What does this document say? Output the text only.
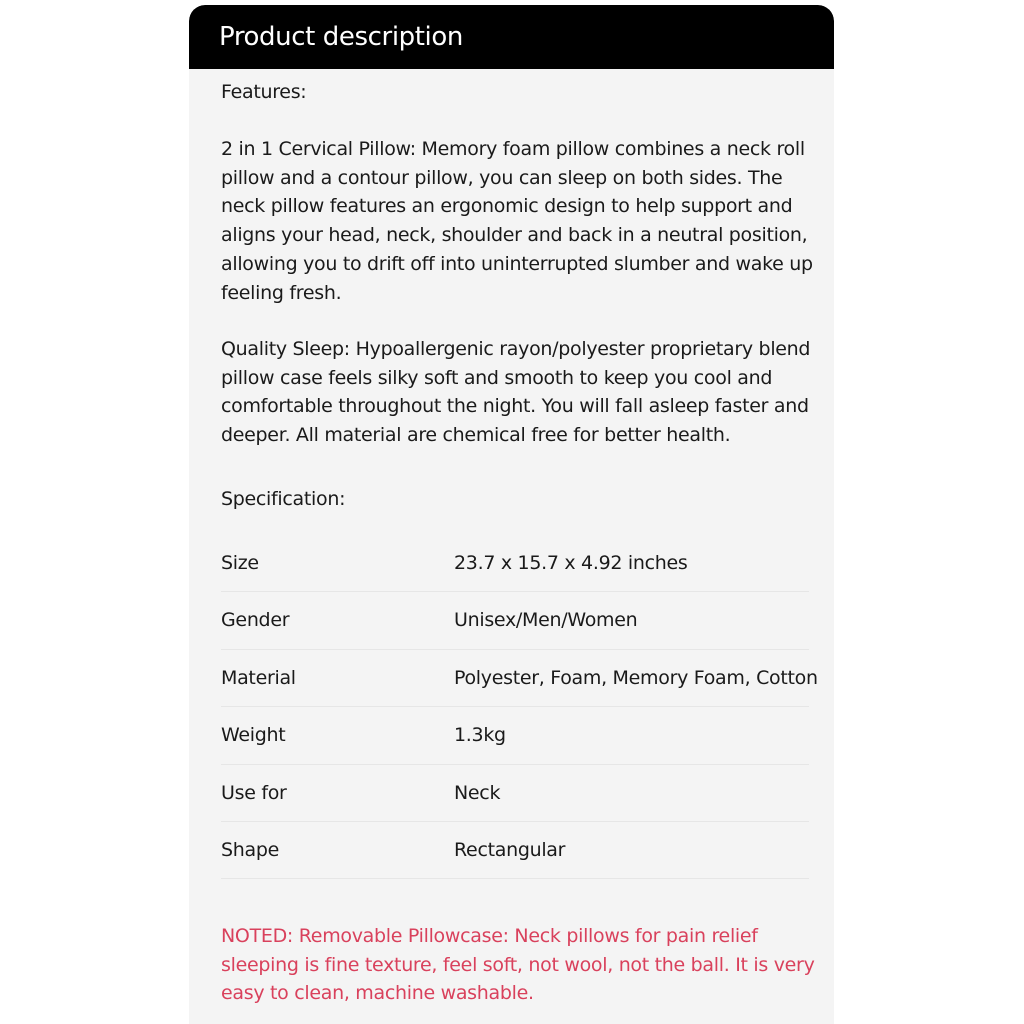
Product description
Features:
2 in 1 Cervical Pillow: Memory foam pillow combines a neck roll pillow and a contour pillow, you can sleep on both sides. The neck pillow features an ergonomic design to help support and aligns your head, neck, shoulder and back in a neutral position, allowing you to drift off into uninterrupted slumber and wake up feeling fresh.
Quality Sleep: Hypoallergenic rayon/polyester proprietary blend pillow case feels silky soft and smooth to keep you cool and comfortable throughout the night. You will fall asleep faster and deeper. All material are chemical free for better health.
Specification:
Size	23.7 x 15.7 x 4.92 inches
Gender	Unisex/Men/Women
Material	Polyester, Foam, Memory Foam, Cotton
Weight	1.3kg
Use for	Neck
Shape	Rectangular
NOTED: Removable Pillowcase: Neck pillows for pain relief sleeping is fine texture, feel soft, not wool, not the ball. It is very easy to clean, machine washable.
